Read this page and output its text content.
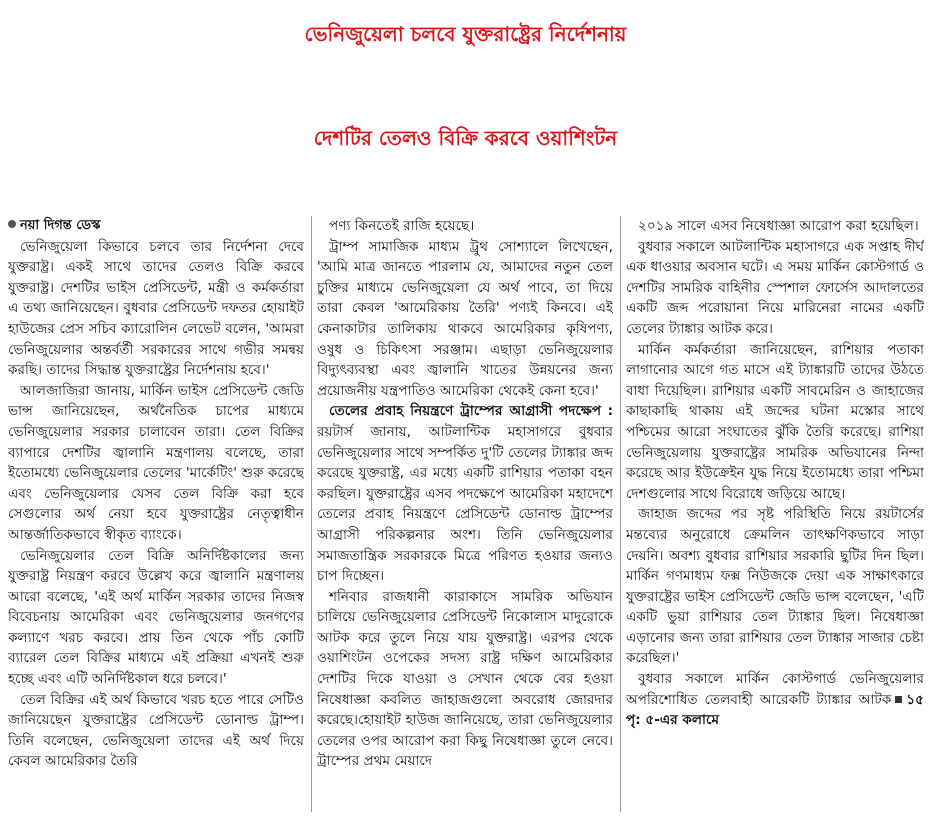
ভেনিজুয়েলা চলবে যুক্তরাষ্ট্রের নির্দেশনায়
দেশটির তেলও বিক্রি করবে ওয়াশিংটন

নয়া দিগন্ত ডেস্ক

ভেনিজুয়েলা কিভাবে চলবে তার নির্দেশনা দেবে যুক্তরাষ্ট্র। একই সাথে তাদের তেলও বিক্রি করবে যুক্তরাষ্ট্র। দেশটির ভাইস প্রেসিডেন্ট, মন্ত্রী ও কর্মকর্তারা এ তথ্য জানিয়েছেন। বুধবার প্রেসিডেন্ট দফতর হোয়াইট হাউজের প্রেস সচিব ক্যারোলিন লেভেট বলেন, 'আমরা ভেনিজুয়েলার অন্তর্বর্তী সরকারের সাথে গভীর সমন্বয় করছি। তাদের সিদ্ধান্ত যুক্তরাষ্ট্রের নির্দেশনায় হবে।'

আলজাজিরা জানায়, মার্কিন ভাইস প্রেসিডেন্ট জেডি ভান্স জানিয়েছেন, অর্থনৈতিক চাপের মাধ্যমে ভেনিজুয়েলার সরকার চালাবেন তারা। তেল বিক্রির ব্যাপারে দেশটির জ্বালানি মন্ত্রণালয় বলেছে, তারা ইতোমধ্যে ভেনিজুয়েলার তেলের 'মার্কেটিং' শুরু করেছে এবং ভেনিজুয়েলার যেসব তেল বিক্রি করা হবে সেগুলোর অর্থ নেয়া হবে যুক্তরাষ্ট্রের নেতৃত্বাধীন আন্তর্জাতিকভাবে স্বীকৃত ব্যাংকে।

ভেনিজুয়েলার তেল বিক্রি অনির্দিষ্টকালের জন্য যুক্তরাষ্ট্র নিয়ন্ত্রণ করবে উল্লেখ করে জ্বালানি মন্ত্রণালয় আরো বলেছে, 'এই অর্থ মার্কিন সরকার তাদের নিজস্ব বিবেচনায় আমেরিকা এবং ভেনিজুয়েলার জনগণের কল্যাণে খরচ করবে। প্রায় তিন থেকে পাঁচ কোটি ব্যারেল তেল বিক্রির মাধ্যমে এই প্রক্রিয়া এখনই শুরু হচ্ছে এবং এটি অনির্দিষ্টকাল ধরে চলবে।'

তেল বিক্রির এই অর্থ কিভাবে খরচ হতে পারে সেটিও জানিয়েছেন যুক্তরাষ্ট্রের প্রেসিডেন্ট ডোনাল্ড ট্রাম্প। তিনি বলেছেন, ভেনিজুয়েলা তাদের এই অর্থ দিয়ে কেবল আমেরিকার তৈরি

পণ্য কিনতেই রাজি হয়েছে।

ট্রাম্প সামাজিক মাধ্যম ট্রুথ সোশ্যালে লিখেছেন, 'আমি মাত্র জানতে পারলাম যে, আমাদের নতুন তেল চুক্তির মাধ্যমে ভেনিজুয়েলা যে অর্থ পাবে, তা দিয়ে তারা কেবল 'আমেরিকায় তৈরি' পণ্যই কিনবে। এই কেনাকাটার তালিকায় থাকবে আমেরিকার কৃষিপণ্য, ওষুধ ও চিকিৎসা সরঞ্জাম। এছাড়া ভেনিজুয়েলার বিদ্যুৎব্যবস্থা এবং জ্বালানি খাতের উন্নয়নের জন্য প্রয়োজনীয় যন্ত্রপাতিও আমেরিকা থেকেই কেনা হবে।'

তেলের প্রবাহ নিয়ন্ত্রণে ট্রাম্পের আগ্রাসী পদক্ষেপ : রয়টার্স জানায়, আটলান্টিক মহাসাগরে বুধবার ভেনিজুয়েলার সাথে সম্পর্কিত দু'টি তেলের ট্যাঙ্কার জব্দ করেছে যুক্তরাষ্ট্র, এর মধ্যে একটি রাশিয়ার পতাকা বহন করছিল। যুক্তরাষ্ট্রের এসব পদক্ষেপে আমেরিকা মহাদেশে তেলের প্রবাহ নিয়ন্ত্রণে প্রেসিডেন্ট ডোনাল্ড ট্রাম্পের আগ্রাসী পরিকল্পনার অংশ। তিনি ভেনিজুয়েলার সমাজতান্ত্রিক সরকারকে মিত্রে পরিণত হওয়ার জন্যও চাপ দিচ্ছেন।

শনিবার রাজধানী কারাকাসে সামরিক অভিযান চালিয়ে ভেনিজুয়েলার প্রেসিডেন্ট নিকোলাস মাদুরোকে আটক করে তুলে নিয়ে যায় যুক্তরাষ্ট্র। এরপর থেকে ওয়াশিংটন ওপেকের সদস্য রাষ্ট্র দক্ষিণ আমেরিকার দেশটির দিকে যাওয়া ও সেখান থেকে বের হওয়া নিষেধাজ্ঞা কবলিত জাহাজগুলো অবরোধ জোরদার করেছে।হোয়াইট হাউজ জানিয়েছে, তারা ভেনিজুয়েলার তেলের ওপর আরোপ করা কিছু নিষেধাজ্ঞা তুলে নেবে। ট্রাম্পের প্রথম মেয়াদে

২০১৯ সালে এসব নিষেধাজ্ঞা আরোপ করা হয়েছিল।

বুধবার সকালে আটলান্টিক মহাসাগরে এক সপ্তাহ দীর্ঘ এক ধাওয়ার অবসান ঘটে। এ সময় মার্কিন কোস্টগার্ড ও দেশটির সামরিক বাহিনীর স্পেশাল ফোর্সেস আদালতের একটি জব্দ পরোয়ানা নিয়ে মারিনেরা নামের একটি তেলের ট্যাঙ্কার আটক করে।

মার্কিন কর্মকর্তারা জানিয়েছেন, রাশিয়ার পতাকা লাগানোর আগে গত মাসে এই ট্যাঙ্কারটি তাদের উঠতে বাধা দিয়েছিল। রাশিয়ার একটি সাবমেরিন ও জাহাজের কাছাকাছি থাকায় এই জব্দের ঘটনা মস্কোর সাথে পশ্চিমের আরো সংঘাতের ঝুঁকি তৈরি করেছে। রাশিয়া ভেনিজুয়েলায় যুক্তরাষ্ট্রের সামরিক অভিযানের নিন্দা করেছে আর ইউক্রেইন যুদ্ধ নিয়ে ইতোমধ্যে তারা পশ্চিমা দেশগুলোর সাথে বিরোধে জড়িয়ে আছে।

জাহাজ জব্দের পর সৃষ্ট পরিস্থিতি নিয়ে রয়টার্সের মন্তব্যের অনুরোধে ক্রেমলিন তাৎক্ষণিকভাবে সাড়া দেয়নি। অবশ্য বুধবার রাশিয়ার সরকারি ছুটির দিন ছিল। মার্কিন গণমাধ্যম ফক্স নিউজকে দেয়া এক সাক্ষাৎকারে যুক্তরাষ্ট্রের ভাইস প্রেসিডেন্ট জেডি ভান্স বলেছেন, 'এটি একটি ভুয়া রাশিয়ার তেল ট্যাঙ্কার ছিল। নিষেধাজ্ঞা এড়ানোর জন্য তারা রাশিয়ার তেল ট্যাঙ্কার সাজার চেষ্টা করেছিল।'

বুধবার সকালে মার্কিন কোস্টগার্ড ভেনিজুয়েলার অপরিশোধিত তেলবাহী আরেকটি ট্যাঙ্কার আটক ১৫ পৃ: ৫-এর কলামে
